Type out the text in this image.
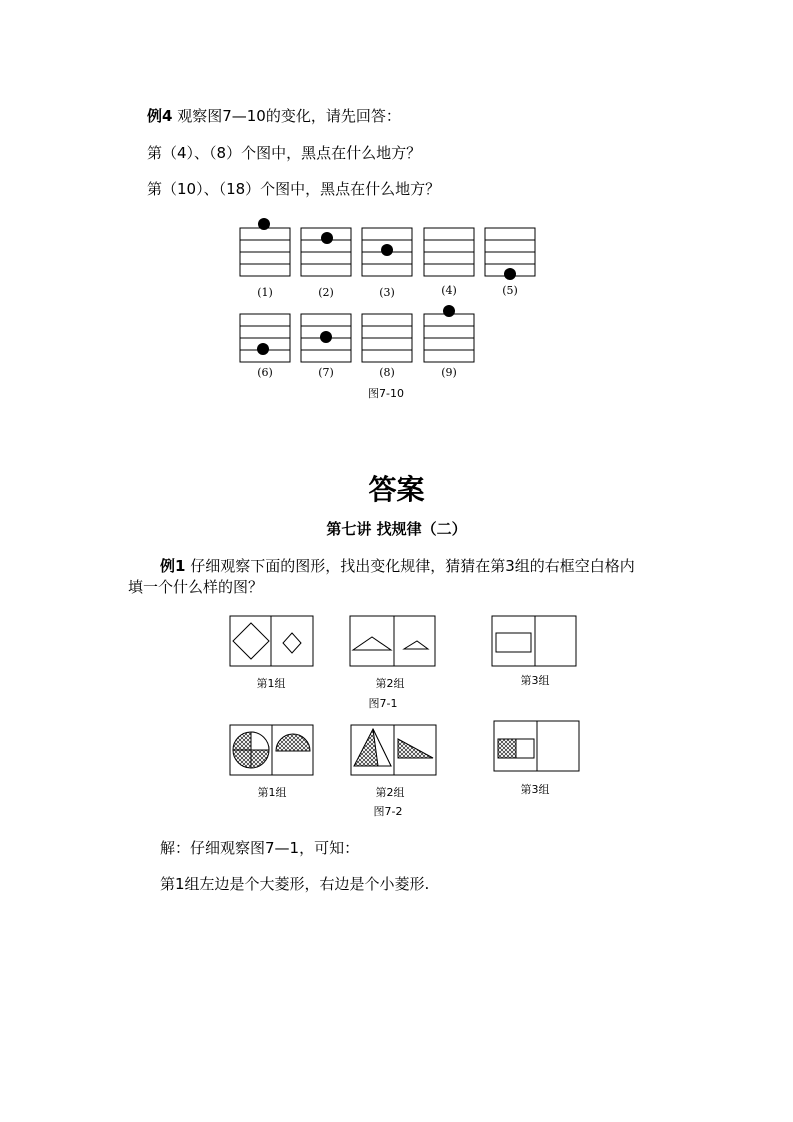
例4 观察图7—10的变化，请先回答：
第（4）、（8）个图中，黑点在什么地方？
第（10）、（18）个图中，黑点在什么地方？
(1)	(2)	(3)	(4)	(5)
(6)	(7)	(8)	(9)
图7-10
答案
第七讲 找规律（二）
例1 仔细观察下面的图形，找出变化规律，猜猜在第3组的右框空白格内
填一个什么样的图？
第1组	第2组	第3组
图7-1
第1组	第2组	第3组
图7-2
解：仔细观察图7—1，可知：
第1组左边是个大菱形，右边是个小菱形.
